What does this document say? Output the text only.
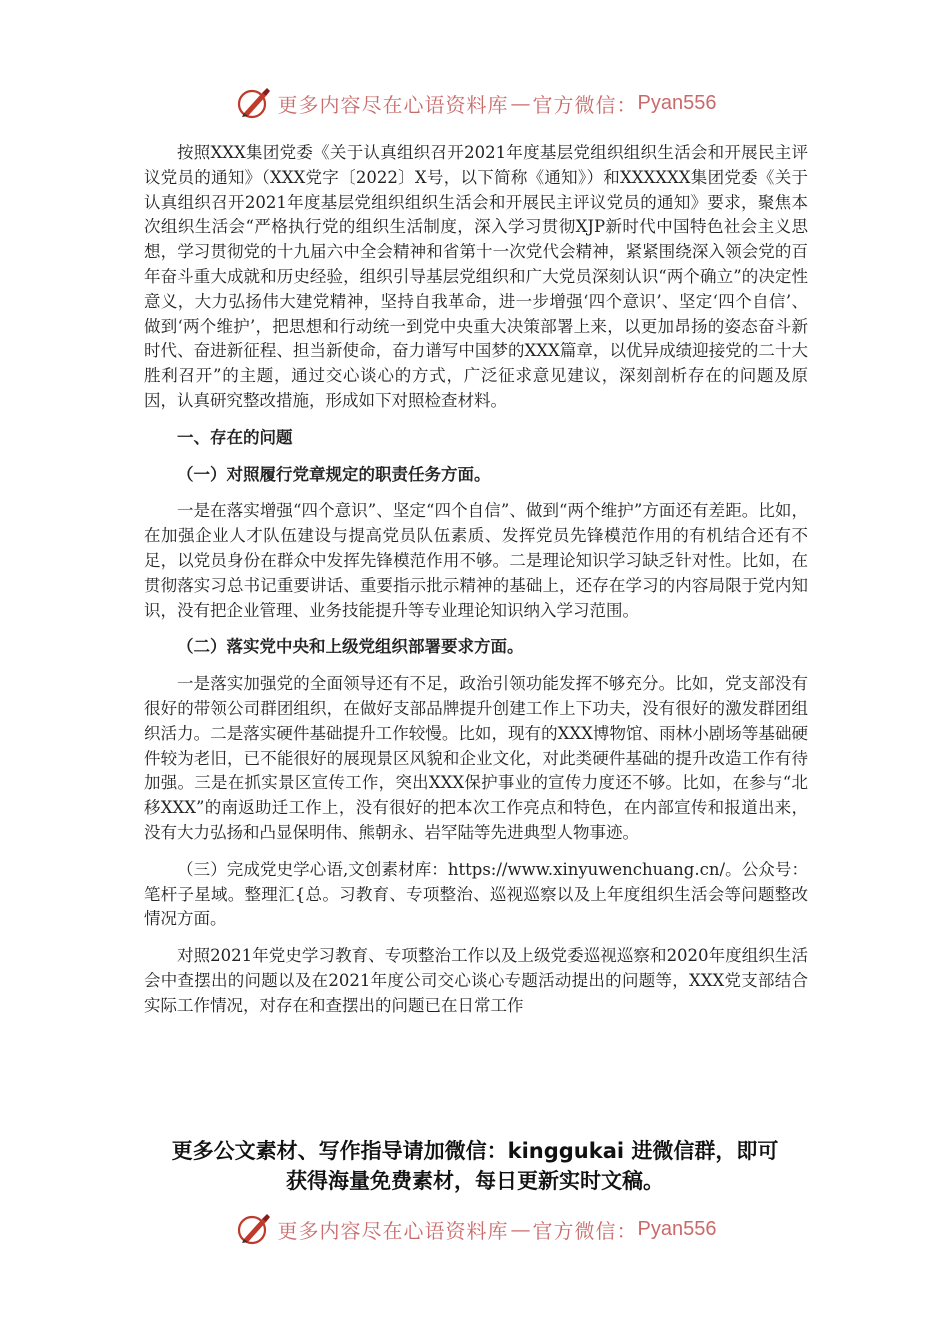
更多内容尽在心语资料库 — 官方微信： Pyan556

按照XXX集团党委《关于认真组织召开2021年度基层党组织组织生活会和开展民主评议党员的通知》（XXX党字〔2022〕X号，以下简称《通知》）和XXXXXX集团党委《关于认真组织召开2021年度基层党组织组织生活会和开展民主评议党员的通知》要求，聚焦本次组织生活会“严格执行党的组织生活制度，深入学习贯彻XJP新时代中国特色社会主义思想，学习贯彻党的十九届六中全会精神和省第十一次党代会精神，紧紧围绕深入领会党的百年奋斗重大成就和历史经验，组织引导基层党组织和广大党员深刻认识“两个确立”的决定性意义，大力弘扬伟大建党精神，坚持自我革命，进一步增强‘四个意识’、坚定‘四个自信’、做到‘两个维护’，把思想和行动统一到党中央重大决策部署上来，以更加昂扬的姿态奋斗新时代、奋进新征程、担当新使命，奋力谱写中国梦的XXX篇章，以优异成绩迎接党的二十大胜利召开”的主题，通过交心谈心的方式，广泛征求意见建议，深刻剖析存在的问题及原因，认真研究整改措施，形成如下对照检查材料。

一、存在的问题

（一）对照履行党章规定的职责任务方面。

一是在落实增强“四个意识”、坚定“四个自信”、做到“两个维护”方面还有差距。比如，在加强企业人才队伍建设与提高党员队伍素质、发挥党员先锋模范作用的有机结合还有不足，以党员身份在群众中发挥先锋模范作用不够。二是理论知识学习缺乏针对性。比如，在贯彻落实习总书记重要讲话、重要指示批示精神的基础上，还存在学习的内容局限于党内知识，没有把企业管理、业务技能提升等专业理论知识纳入学习范围。

（二）落实党中央和上级党组织部署要求方面。

一是落实加强党的全面领导还有不足，政治引领功能发挥不够充分。比如，党支部没有很好的带领公司群团组织，在做好支部品牌提升创建工作上下功夫，没有很好的激发群团组织活力。二是落实硬件基础提升工作较慢。比如，现有的XXX博物馆、雨林小剧场等基础硬件较为老旧，已不能很好的展现景区风貌和企业文化，对此类硬件基础的提升改造工作有待加强。三是在抓实景区宣传工作，突出XXX保护事业的宣传力度还不够。比如，在参与“北移XXX”的南返助迁工作上，没有很好的把本次工作亮点和特色，在内部宣传和报道出来，没有大力弘扬和凸显保明伟、熊朝永、岩罕陆等先进典型人物事迹。

（三）完成党史学心语,文创素材库：https://www.xinyuwenchuang.cn/。公众号：笔杆子星域。整理汇{总。习教育、专项整治、巡视巡察以及上年度组织生活会等问题整改情况方面。

对照2021年党史学习教育、专项整治工作以及上级党委巡视巡察和2020年度组织生活会中查摆出的问题以及在2021年度公司交心谈心专题活动提出的问题等，XXX党支部结合实际工作情况，对存在和查摆出的问题已在日常工作

更多公文素材、写作指导请加微信：kinggukai 进微信群，即可
获得海量免费素材，每日更新实时文稿。
更多内容尽在心语资料库 — 官方微信： Pyan556
